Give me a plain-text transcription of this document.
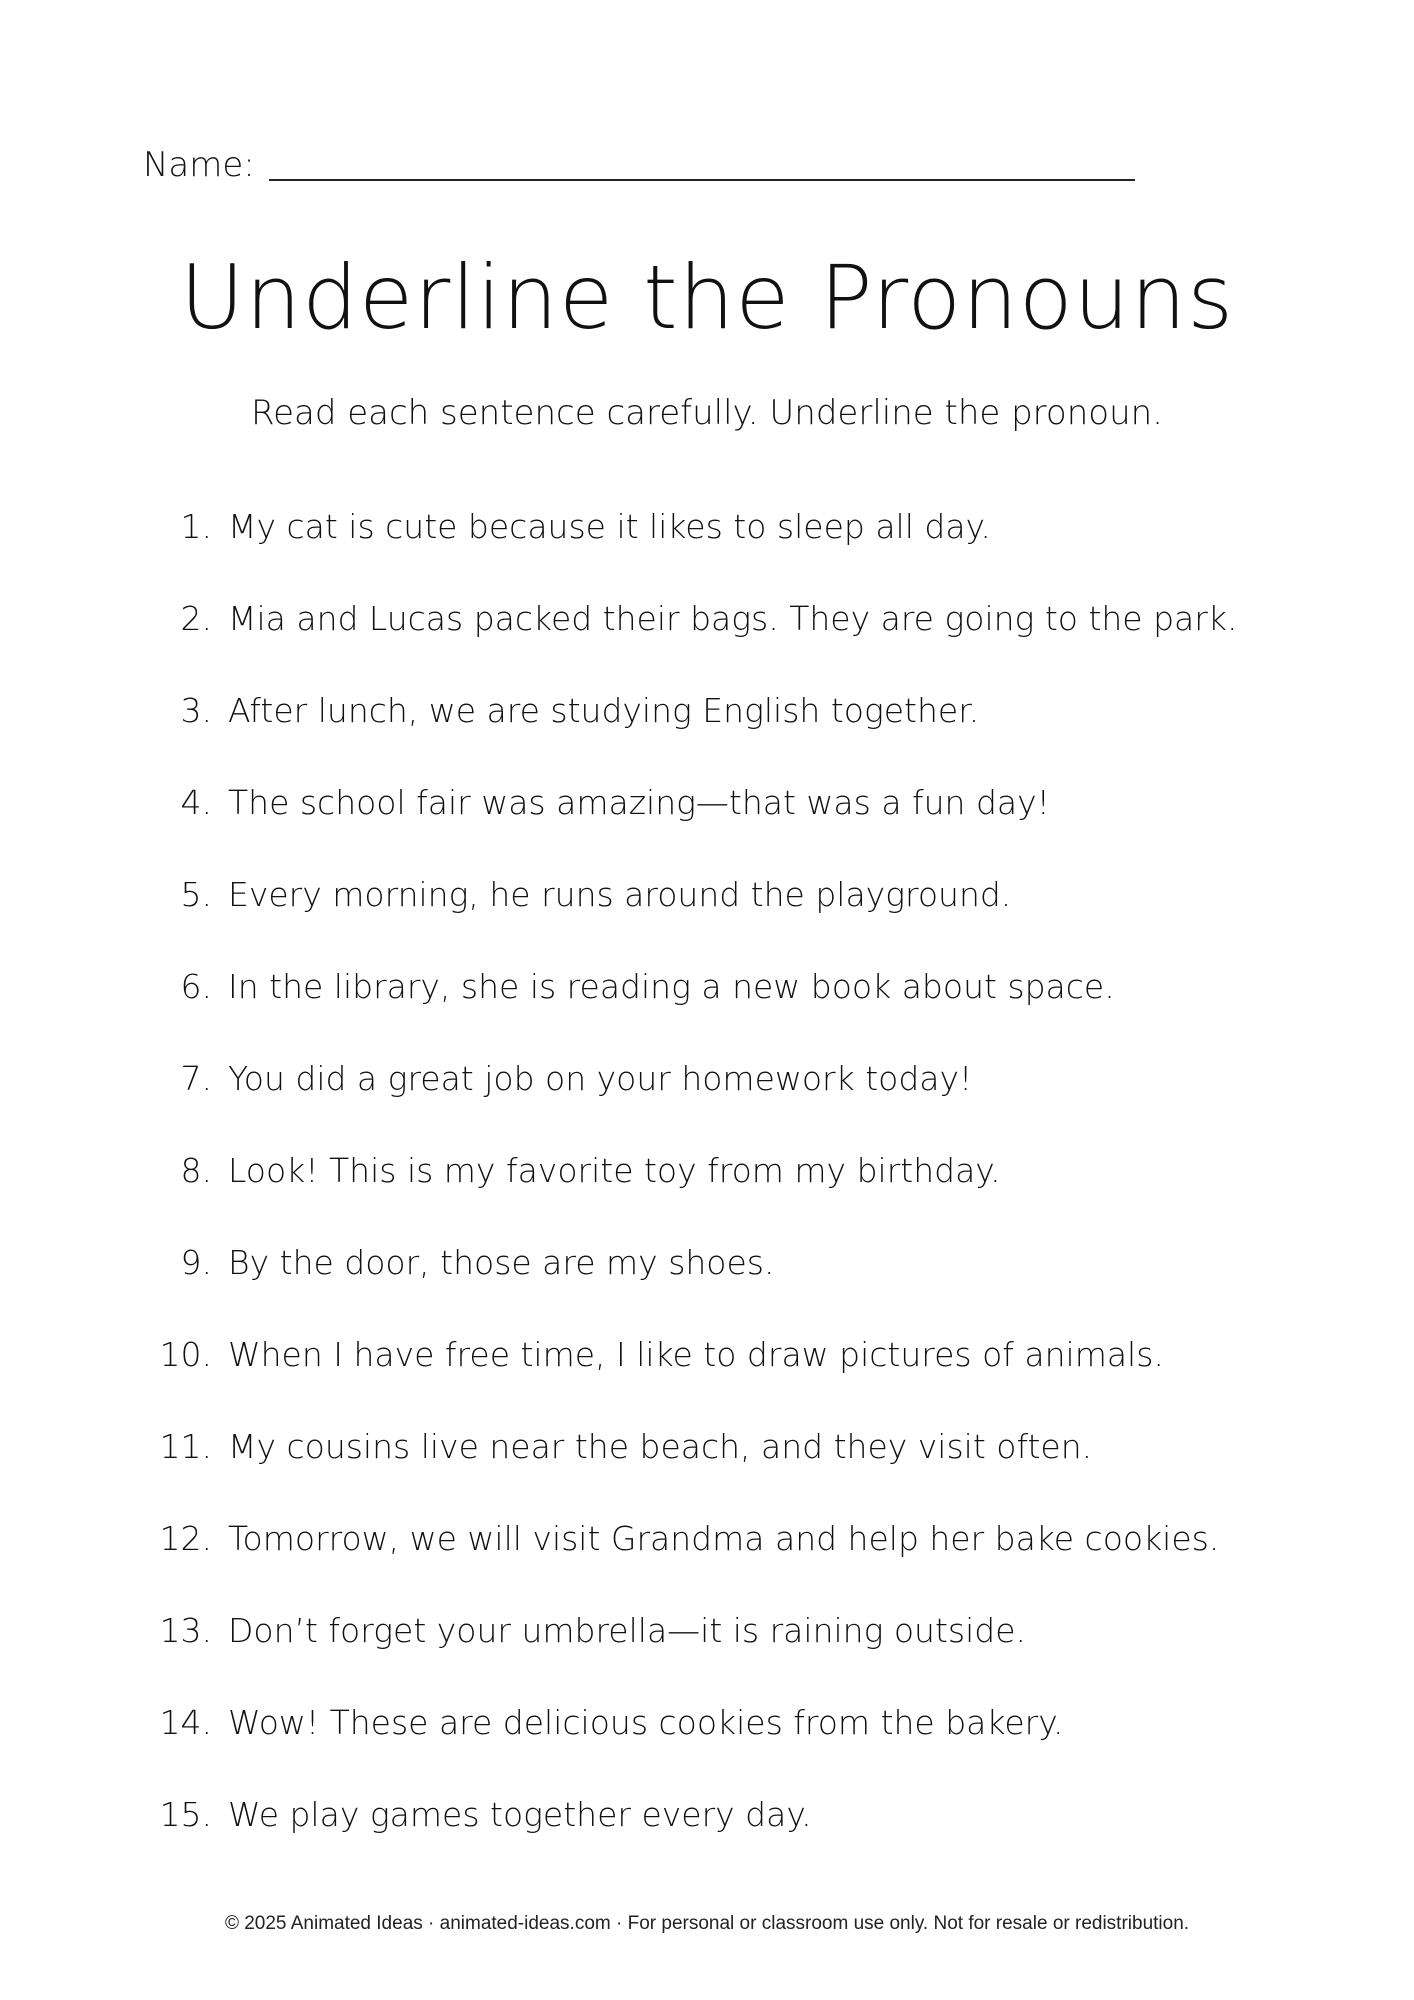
Name:
Underline the Pronouns
Read each sentence carefully. Underline the pronoun.
1. My cat is cute because it likes to sleep all day.
2. Mia and Lucas packed their bags. They are going to the park.
3. After lunch, we are studying English together.
4. The school fair was amazing—that was a fun day!
5. Every morning, he runs around the playground.
6. In the library, she is reading a new book about space.
7. You did a great job on your homework today!
8. Look! This is my favorite toy from my birthday.
9. By the door, those are my shoes.
10. When I have free time, I like to draw pictures of animals.
11. My cousins live near the beach, and they visit often.
12. Tomorrow, we will visit Grandma and help her bake cookies.
13. Don’t forget your umbrella—it is raining outside.
14. Wow! These are delicious cookies from the bakery.
15. We play games together every day.
© 2025 Animated Ideas · animated-ideas.com · For personal or classroom use only. Not for resale or redistribution.
